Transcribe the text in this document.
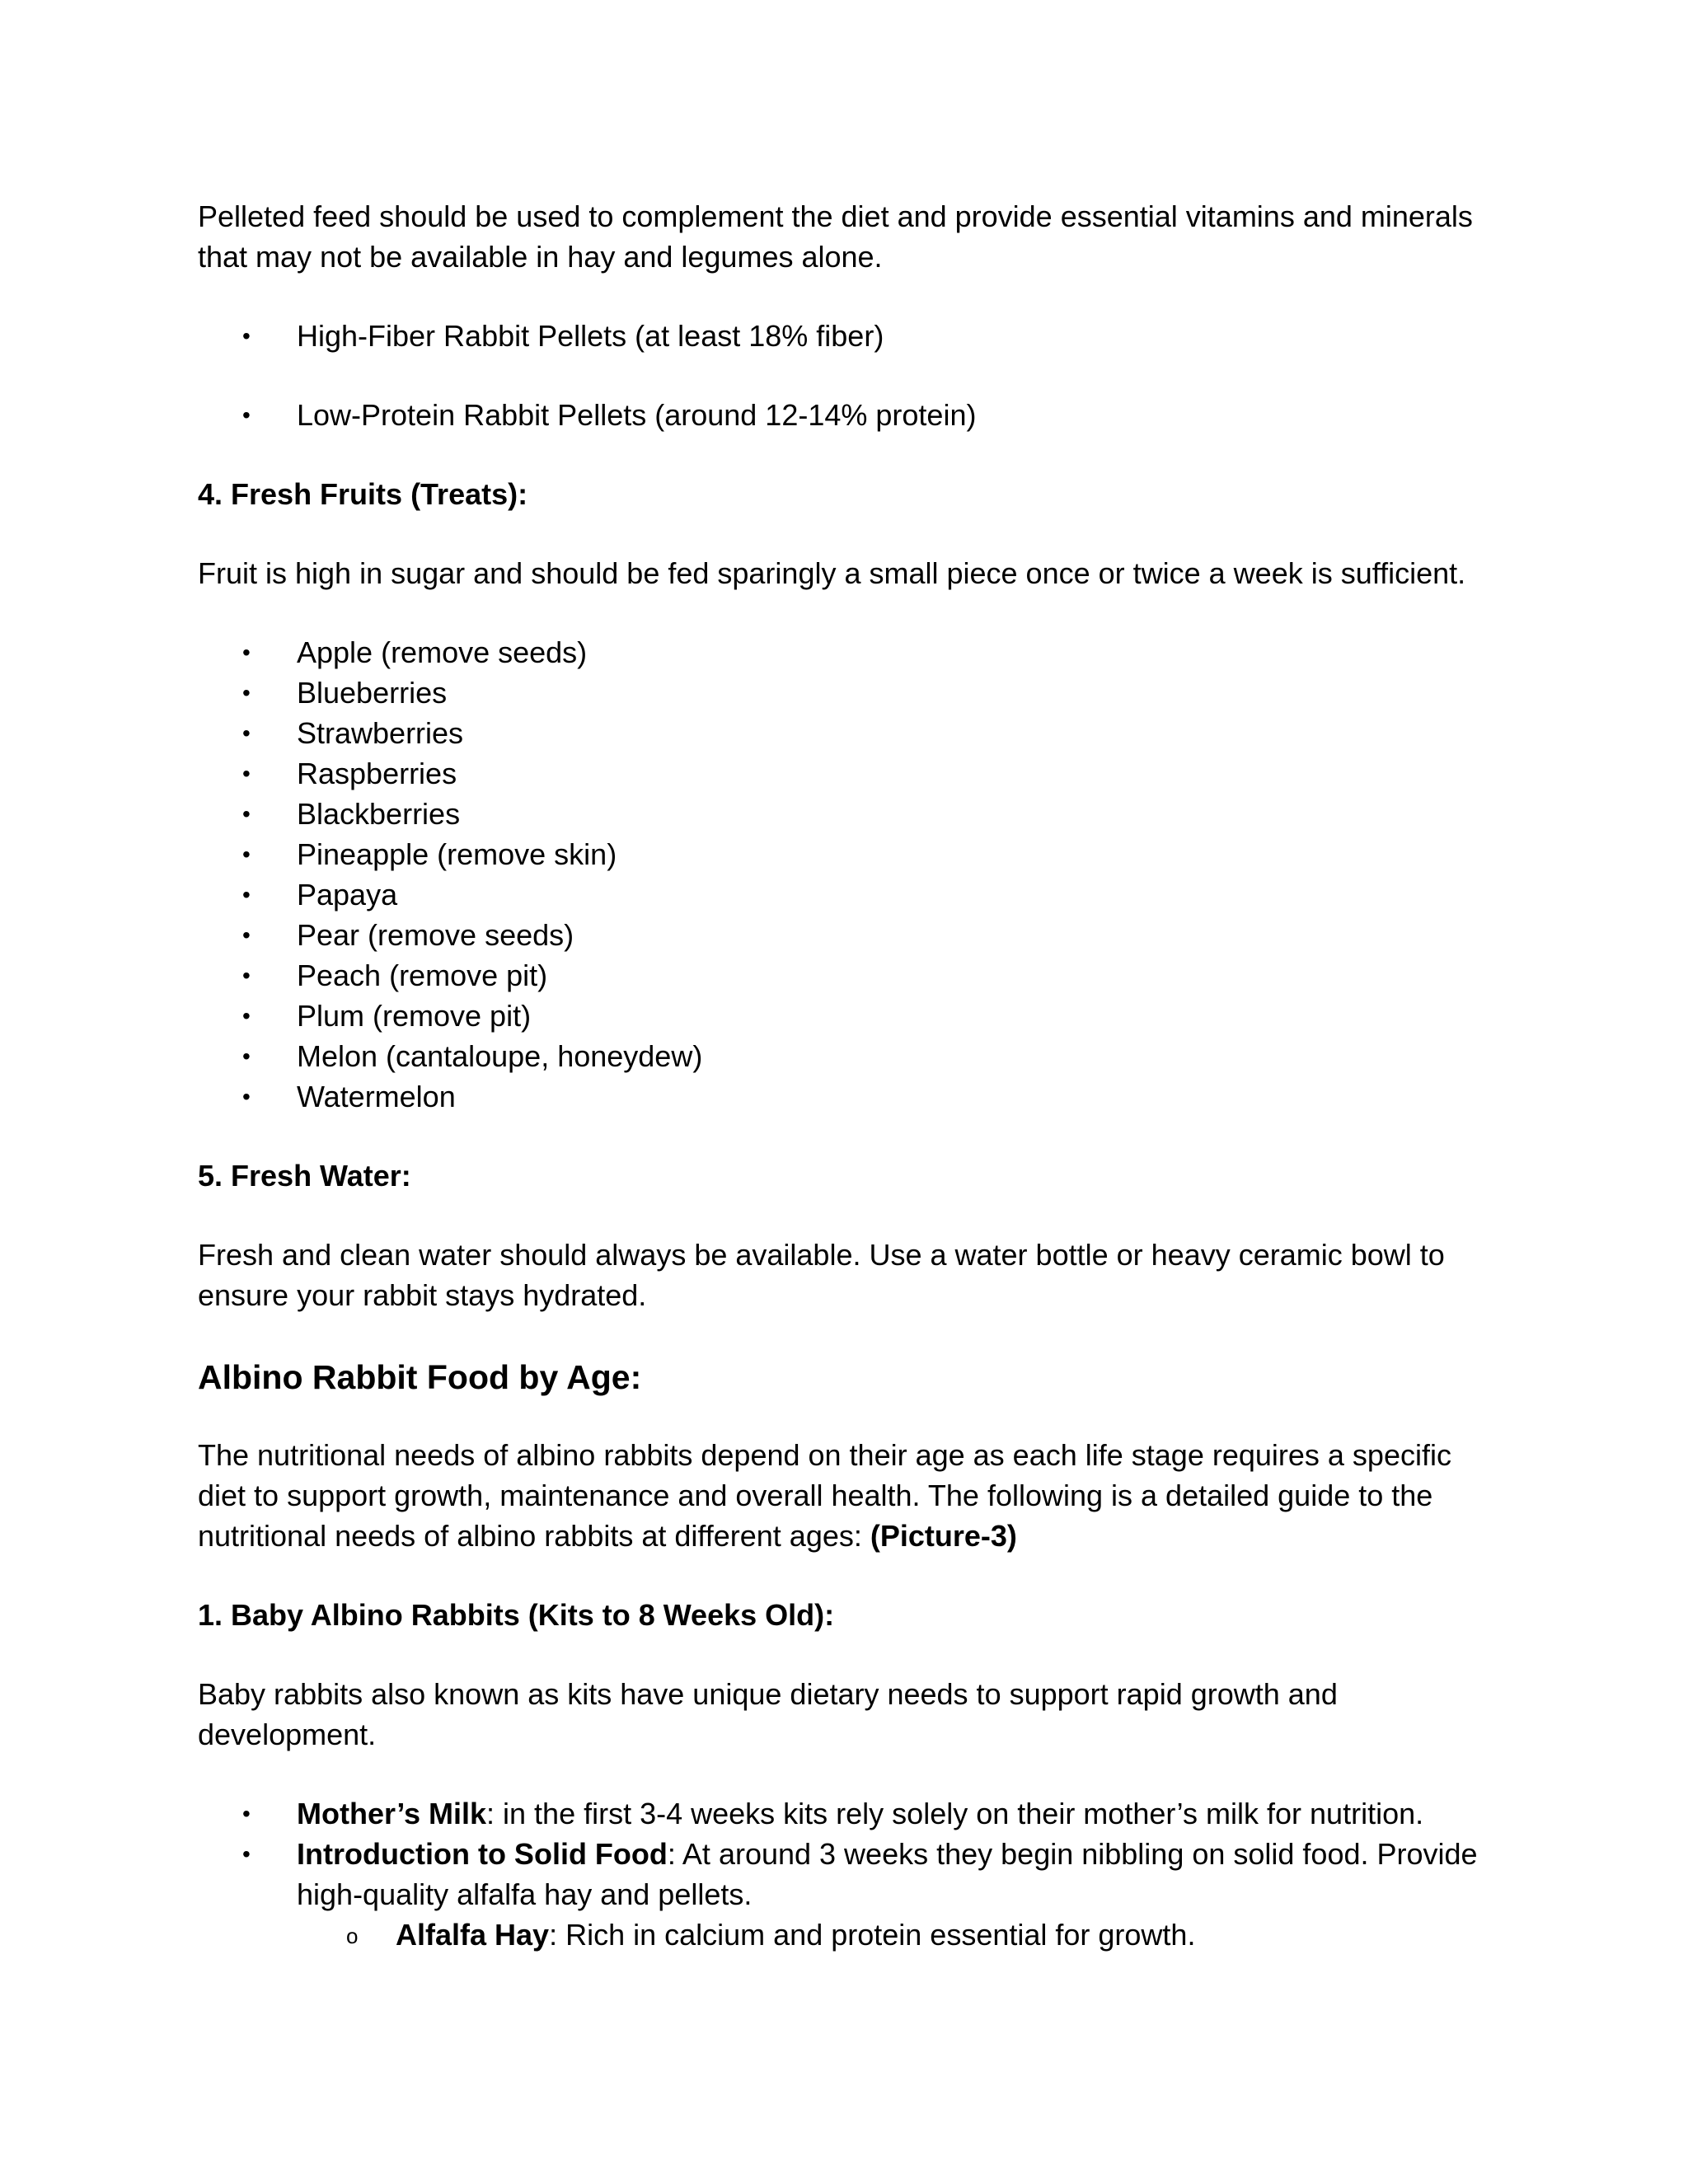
Pelleted feed should be used to complement the diet and provide essential vitamins and minerals that may not be available in hay and legumes alone.

• High-Fiber Rabbit Pellets (at least 18% fiber)
• Low-Protein Rabbit Pellets (around 12-14% protein)

4. Fresh Fruits (Treats):

Fruit is high in sugar and should be fed sparingly a small piece once or twice a week is sufficient.

• Apple (remove seeds)
• Blueberries
• Strawberries
• Raspberries
• Blackberries
• Pineapple (remove skin)
• Papaya
• Pear (remove seeds)
• Peach (remove pit)
• Plum (remove pit)
• Melon (cantaloupe, honeydew)
• Watermelon

5. Fresh Water:

Fresh and clean water should always be available. Use a water bottle or heavy ceramic bowl to ensure your rabbit stays hydrated.

Albino Rabbit Food by Age:

The nutritional needs of albino rabbits depend on their age as each life stage requires a specific diet to support growth, maintenance and overall health. The following is a detailed guide to the nutritional needs of albino rabbits at different ages: (Picture-3)

1. Baby Albino Rabbits (Kits to 8 Weeks Old):

Baby rabbits also known as kits have unique dietary needs to support rapid growth and development.

• Mother’s Milk: in the first 3-4 weeks kits rely solely on their mother’s milk for nutrition.
• Introduction to Solid Food: At around 3 weeks they begin nibbling on solid food. Provide high-quality alfalfa hay and pellets.
o Alfalfa Hay: Rich in calcium and protein essential for growth.
